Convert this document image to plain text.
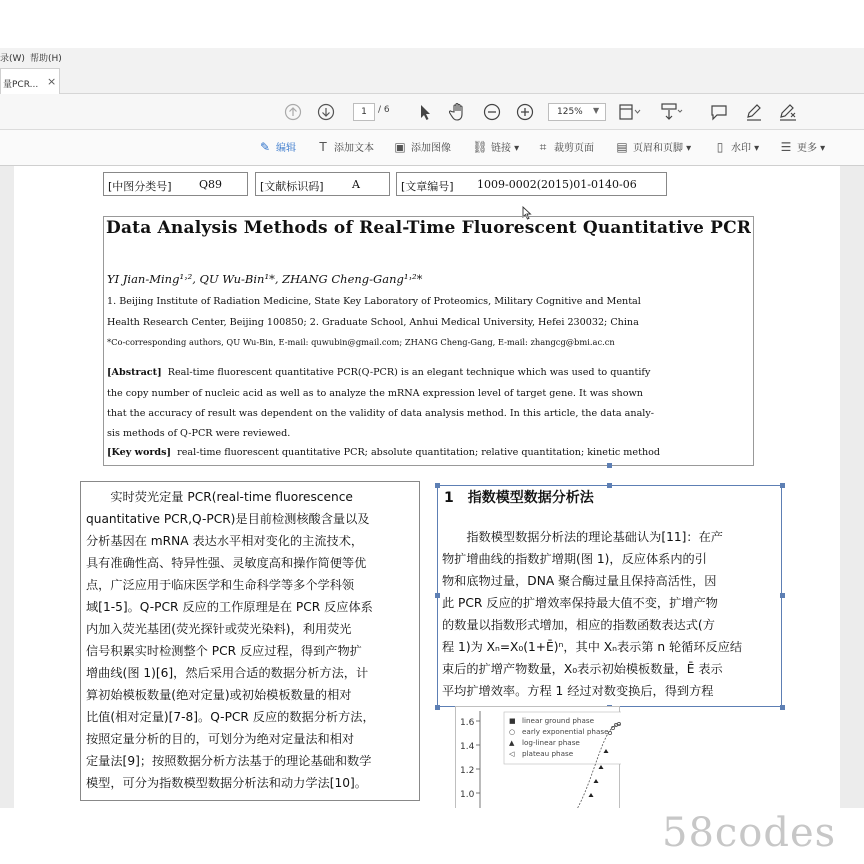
录(W) 帮助(H)
量PCR... ×
1	/ 6	125% ▼
✎ 编辑	T 添加文本 ▣ 添加图像 ⛓ 链接 ▾	⌗ 裁剪页面 ▤ 页眉和页脚 ▾	▯ 水印 ▾ ☰ 更多 ▾
[中图分类号] Q89	[文献标识码]	A	[文章编号] 1009-0002(2015)01-0140-06
Data Analysis Methods of Real-Time Fluorescent Quantitative PCR
YI Jian-Ming¹˒², QU Wu-Bin¹*, ZHANG Cheng-Gang¹˒²*
1. Beijing Institute of Radiation Medicine, State Key Laboratory of Proteomics, Military Cognitive and Mental
Health Research Center, Beijing 100850; 2. Graduate School, Anhui Medical University, Hefei 230032; China
*Co-corresponding authors, QU Wu-Bin, E-mail: quwubin@gmail.com; ZHANG Cheng-Gang, E-mail: zhangcg@bmi.ac.cn
[Abstract] Real-time fluorescent quantitative PCR(Q-PCR) is an elegant technique which was used to quantify
the copy number of nucleic acid as well as to analyze the mRNA expression level of target gene. It was shown
that the accuracy of result was dependent on the validity of data analysis method. In this article, the data analy-
sis methods of Q-PCR were reviewed.
[Key words] real-time fluorescent quantitative PCR; absolute quantitation; relative quantitation; kinetic method
　　实时荧光定量 PCR(real-time fluorescence
quantitative PCR,Q-PCR)是目前检测核酸含量以及
分析基因在 mRNA 表达水平相对变化的主流技术，
具有准确性高、特异性强、灵敏度高和操作简便等优
点，广泛应用于临床医学和生命科学等多个学科领
域[1-5]。Q-PCR 反应的工作原理是在 PCR 反应体系
内加入荧光基团(荧光探针或荧光染料)，利用荧光
信号积累实时检测整个 PCR 反应过程，得到产物扩
增曲线(图 1)[6]，然后采用合适的数据分析方法，计
算初始模板数量(绝对定量)或初始模板数量的相对
比值(相对定量)[7-8]。Q-PCR 反应的数据分析方法，
按照定量分析的目的，可划分为绝对定量法和相对
定量法[9]；按照数据分析方法基于的理论基础和数学
模型，可分为指数模型数据分析法和动力学法[10]。
1　指数模型数据分析法
　　指数模型数据分析法的理论基础认为[11]：在产
物扩增曲线的指数扩增期(图 1)，反应体系内的引
物和底物过量，DNA 聚合酶过量且保持高活性，因
此 PCR 反应的扩增效率保持最大值不变，扩增产物
的数量以指数形式增加，相应的指数函数表达式(方
程 1)为 Xₙ=X₀(1+Ē)ⁿ，其中 Xₙ表示第 n 轮循环反应结
束后的扩增产物数量，X₀表示初始模板数量，Ē 表示
平均扩增效率。方程 1 经过对数变换后，得到方程
1.6
1.4
1.2
1.0
■ linear ground phase
○ early exponential phase
▲ log-linear phase
◁ plateau phase
58codes
